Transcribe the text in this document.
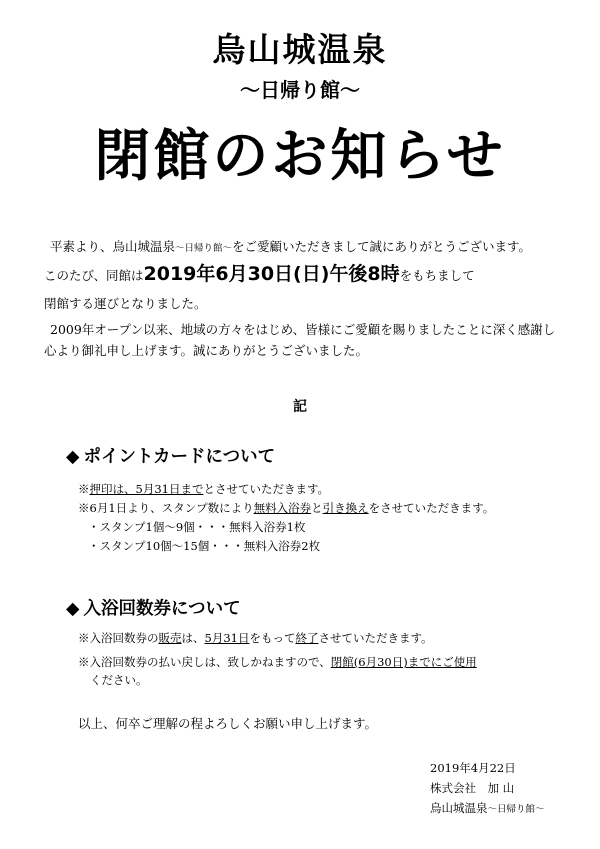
烏山城温泉
～日帰り館～
閉館のお知らせ
平素より、烏山城温泉～日帰り館～をご愛顧いただきまして誠にありがとうございます。
このたび、同館は2019年6月30日(日)午後8時をもちまして
閉館する運びとなりました。
2009年オープン以来、地域の方々をはじめ、皆様にご愛顧を賜りましたことに深く感謝し
心より御礼申し上げます。誠にありがとうございました。
記
◆ ポイントカードについて
※押印は、5月31日までとさせていただきます。
※6月1日より、スタンプ数により無料入浴券と引き換えをさせていただきます。
・スタンプ1個～9個・・・無料入浴券1枚
・スタンプ10個～15個・・・無料入浴券2枚
◆ 入浴回数券について
※入浴回数券の販売は、5月31日をもって終了させていただきます。
※入浴回数券の払い戻しは、致しかねますので、閉館(6月30日)までにご使用
ください。
以上、何卒ご理解の程よろしくお願い申し上げます。
2019年4月22日
株式会社　加 山
烏山城温泉～日帰り館～
